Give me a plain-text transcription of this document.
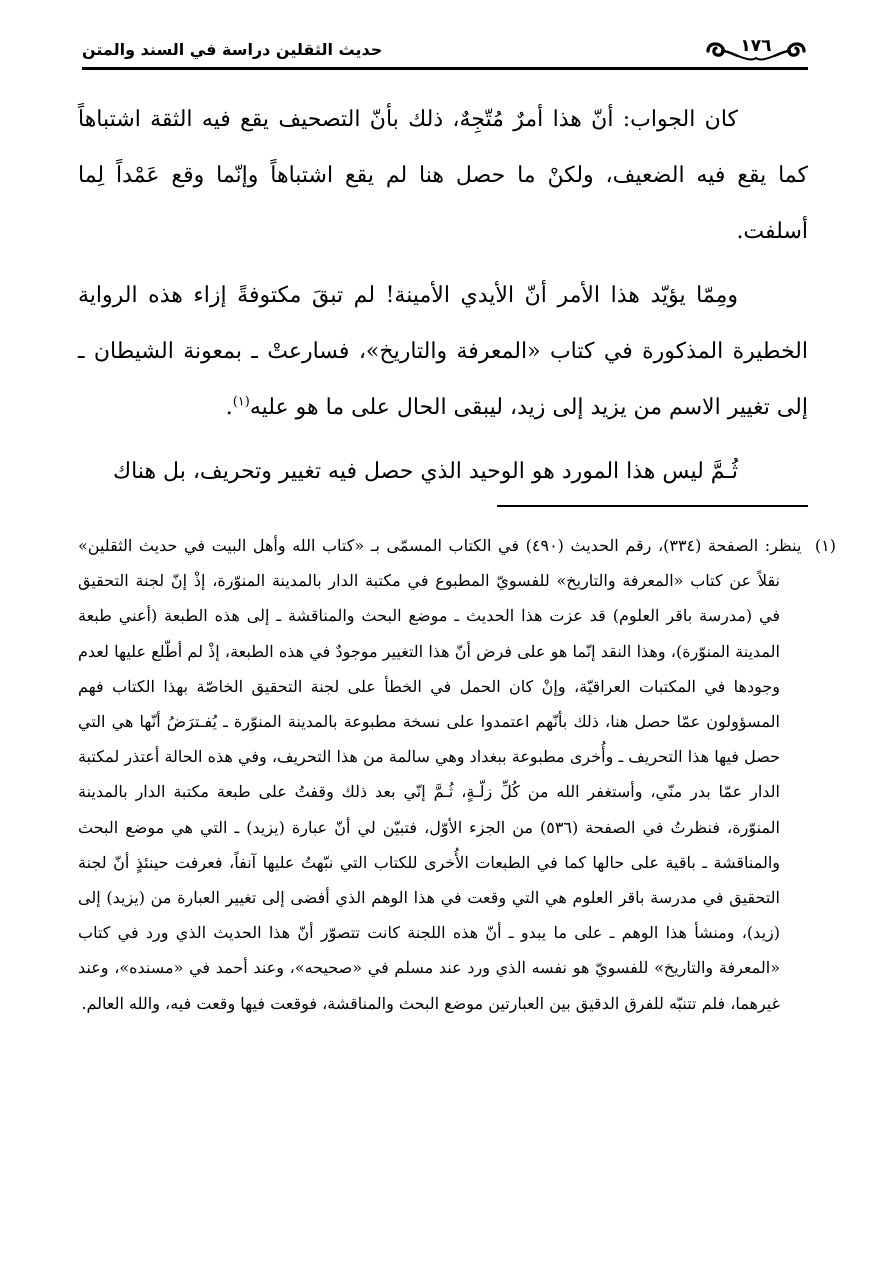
حديث الثقلين دراسة في السند والمتن	١٧٦

كان الجواب: أنّ هذا أمرٌ مُتّجِهٌ، ذلك بأنّ التصحيف يقع فيه الثقة اشتباهاً كما يقع فيه الضعيف، ولكنْ ما حصل هنا لم يقع اشتباهاً وإنّما وقع عَمْداً لِما أسلفت.

ومِمّا يؤيّد هذا الأمر أنّ الأيدي الأمينة! لم تبقَ مكتوفةً إزاء هذه الرواية الخطيرة المذكورة في كتاب «المعرفة والتاريخ»، فسارعتْ ـ بمعونة الشيطان ـ إلى تغيير الاسم من يزيد إلى زيد، ليبقى الحال على ما هو عليه$^{(١)}$.

ثُـمَّ ليس هذا المورد هو الوحيد الذي حصل فيه تغيير وتحريف، بل هناك

(١) ينظر: الصفحة (٣٣٤)، رقم الحديث (٤٩٠) في الكتاب المسمّى بـ «كتاب الله وأهل البيت في حديث الثقلين» نقلاً عن كتاب «المعرفة والتاريخ» للفسويّ المطبوع في مكتبة الدار بالمدينة المنوّرة، إذْ إنّ لجنة التحقيق في (مدرسة باقر العلوم) قد عزت هذا الحديث ـ موضع البحث والمناقشة ـ إلى هذه الطبعة (أعني طبعة المدينة المنوّرة)، وهذا النقد إنّما هو على فرض أنّ هذا التغيير موجودٌ في هذه الطبعة، إذْ لم أطّلع عليها لعدم وجودها في المكتبات العراقيّة، وإنْ كان الحمل في الخطأ على لجنة التحقيق الخاصّة بهذا الكتاب فهم المسؤولون عمّا حصل هنا، ذلك بأنّهم اعتمدوا على نسخة مطبوعة بالمدينة المنوّرة ـ يُفـترَضُ أنّها هي التي حصل فيها هذا التحريف ـ وأُخرى مطبوعة ببغداد وهي سالمة من هذا التحريف، وفي هذه الحالة أعتذر لمكتبة الدار عمّا بدر منّي، وأستغفر الله من كُلِّ زلّـةٍ، ثُـمَّ إنّي بعد ذلك وقفتُ على طبعة مكتبة الدار بالمدينة المنوّرة، فنظرتُ في الصفحة (٥٣٦) من الجزء الأوّل، فتبيّن لي أنّ عبارة (يزيد) ـ التي هي موضع البحث والمناقشة ـ باقية على حالها كما في الطبعات الأُخرى للكتاب التي نبّهتُ عليها آنفاً، فعرفت حينئذٍ أنّ لجنة التحقيق في مدرسة باقر العلوم هي التي وقعت في هذا الوهم الذي أفضى إلى تغيير العبارة من (يزيد) إلى (زيد)، ومنشأ هذا الوهم ـ على ما يبدو ـ أنّ هذه اللجنة كانت تتصوّر أنّ هذا الحديث الذي ورد في كتاب «المعرفة والتاريخ» للفسويّ هو نفسه الذي ورد عند مسلم في «صحيحه»، وعند أحمد في «مسنده»، وعند غيرهما، فلم تتنبّه للفرق الدقيق بين العبارتين موضع البحث والمناقشة، فوقعت فيها وقعت فيه، والله العالم.
